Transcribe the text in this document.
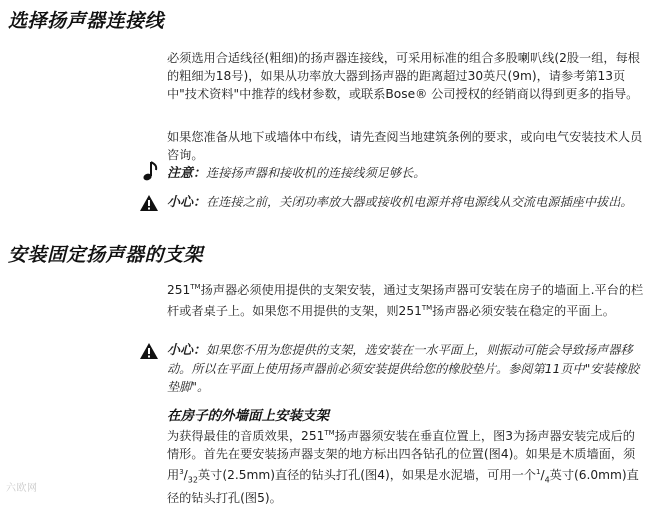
选择扬声器连接线

必须选用合适线径(粗细)的扬声器连接线，可采用标准的组合多股喇叭线(2股一组，每根的粗细为18号)，如果从功率放大器到扬声器的距离超过30英尺(9m)，请参考第13页中"技术资料"中推荐的线材参数，或联系Bose® 公司授权的经销商以得到更多的指导。

如果您准备从地下或墙体中布线，请先查阅当地建筑条例的要求，或向电气安装技术人员咨询。

注意：连接扬声器和接收机的连接线须足够长。

小心：在连接之前，关闭功率放大器或接收机电源并将电源线从交流电源插座中拔出。

安装固定扬声器的支架

251™扬声器必须使用提供的支架安装，通过支架扬声器可安装在房子的墙面上.平台的栏杆或者桌子上。如果您不用提供的支架，则251™扬声器必须安装在稳定的平面上。

小心：如果您不用为您提供的支架，选安装在一水平面上，则振动可能会导致扬声器移动。所以在平面上使用扬声器前必须安装提供给您的橡胶垫片。参阅第11页中"安装橡胶垫脚"。

在房子的外墙面上安装支架

为获得最佳的音质效果，251™扬声器须安装在垂直位置上，图3为扬声器安装完成后的情形。首先在要安装扬声器支架的地方标出四各钻孔的位置(图4)。如果是木质墙面，须用$^3/_{32}$英寸(2.5mm)直径的钻头打孔(图4)，如果是水泥墙，可用一个$^1/_4$英寸(6.0mm)直径的钻头打孔(图5)。

六欧网
